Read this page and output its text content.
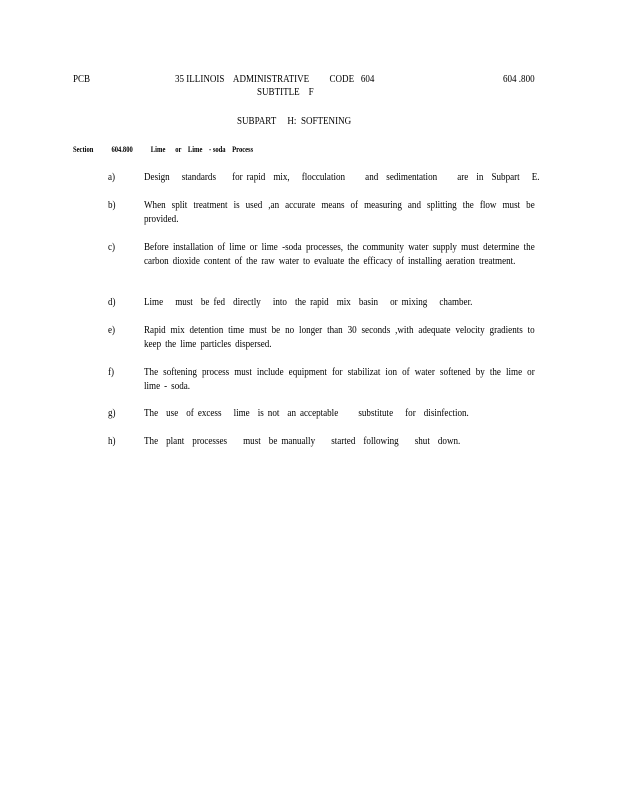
PCB	35 ILLINOIS    ADMINISTRATIVE         CODE   604
SUBTITLE    F
604 .800
SUBPART     H:  SOFTENING
Section 604.800 Lime      or    Lime    - soda    Process
a)	Design   standards    for rapid  mix,   flocculation     and  sedimentation     are  in  Subpart   E.
b)	When split treatment is used ,an accurate means of measuring and splitting the flow must be provided.
c)	Before installation of lime or lime -soda processes, the community water supply must determine the carbon dioxide content of the raw water to evaluate the efficacy of installing aeration treatment.
d)	Lime   must  be fed  directly   into  the rapid  mix  basin   or mixing   chamber.
e)	Rapid mix detention time must be no longer than 30 seconds ,with adequate velocity gradients to keep the lime particles dispersed.
f)	The softening process must include equipment for stabilizat ion of water softened by the lime or lime - soda.
g)	The  use  of excess   lime  is not  an acceptable     substitute   for  disinfection.
h)	The  plant  processes    must  be manually    started  following    shut  down.
